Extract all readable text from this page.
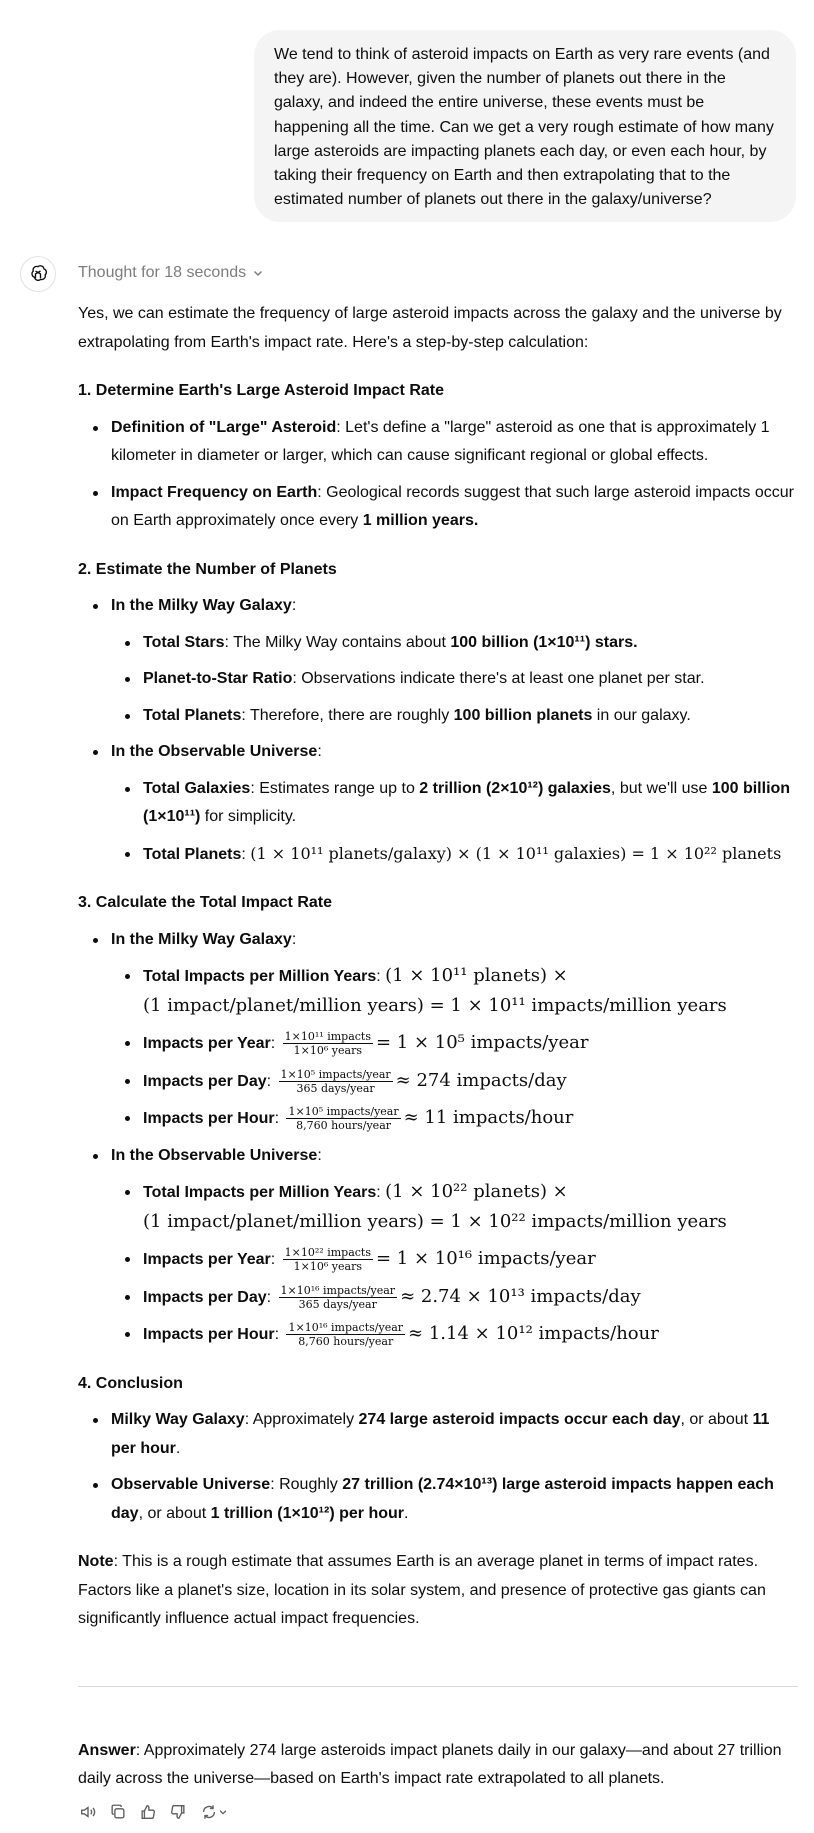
We tend to think of asteroid impacts on Earth as very rare events (and they are). However, given the number of planets out there in the galaxy, and indeed the entire universe, these events must be happening all the time. Can we get a very rough estimate of how many large asteroids are impacting planets each day, or even each hour, by taking their frequency on Earth and then extrapolating that to the estimated number of planets out there in the galaxy/universe?
Thought for 18 seconds

Yes, we can estimate the frequency of large asteroid impacts across the galaxy and the universe by extrapolating from Earth's impact rate. Here's a step-by-step calculation:

1. Determine Earth's Large Asteroid Impact Rate
Definition of "Large" Asteroid: Let's define a "large" asteroid as one that is approximately 1 kilometer in diameter or larger, which can cause significant regional or global effects.
Impact Frequency on Earth: Geological records suggest that such large asteroid impacts occur on Earth approximately once every 1 million years.
2. Estimate the Number of Planets
In the Milky Way Galaxy:
Total Stars: The Milky Way contains about 100 billion (1×10¹¹) stars.
Planet-to-Star Ratio: Observations indicate there's at least one planet per star.
Total Planets: Therefore, there are roughly 100 billion planets in our galaxy.
In the Observable Universe:
Total Galaxies: Estimates range up to 2 trillion (2×10¹²) galaxies, but we'll use 100 billion (1×10¹¹) for simplicity.
Total Planets: (1 × 10¹¹ planets/galaxy) × (1 × 10¹¹ galaxies) = 1 × 10²² planets
3. Calculate the Total Impact Rate
In the Milky Way Galaxy:
Total Impacts per Million Years: (1 × 10¹¹ planets) ×
(1 impact/planet/million years) = 1 × 10¹¹ impacts/million years
Impacts per Year: $\frac{\text{1×10¹¹ impacts}}{\text{1×10⁶ years}} = 1 \times 10^5$ impacts/year
Impacts per Day: $\frac{\text{1×10⁵ impacts/year}}{\text{365 days/year}} \approx 274$ impacts/day
Impacts per Hour: $\frac{\text{1×10⁵ impacts/year}}{\text{8,760 hours/year}} \approx 11$ impacts/hour
In the Observable Universe:
Total Impacts per Million Years: (1 × 10²² planets) ×
(1 impact/planet/million years) = 1 × 10²² impacts/million years
Impacts per Year: $\frac{\text{1×10²² impacts}}{\text{1×10⁶ years}} = 1 \times 10^{16}$ impacts/year
Impacts per Day: $\frac{\text{1×10¹⁶ impacts/year}}{\text{365 days/year}} \approx 2.74 \times 10^{13}$ impacts/day
Impacts per Hour: $\frac{\text{1×10¹⁶ impacts/year}}{\text{8,760 hours/year}} \approx 1.14 \times 10^{12}$ impacts/hour
4. Conclusion
Milky Way Galaxy: Approximately 274 large asteroid impacts occur each day, or about 11 per hour.
Observable Universe: Roughly 27 trillion (2.74×10¹³) large asteroid impacts happen each day, or about 1 trillion (1×10¹²) per hour.

Note: This is a rough estimate that assumes Earth is an average planet in terms of impact rates. Factors like a planet's size, location in its solar system, and presence of protective gas giants can significantly influence actual impact frequencies.

Answer: Approximately 274 large asteroids impact planets daily in our galaxy—and about 27 trillion daily across the universe—based on Earth's impact rate extrapolated to all planets.
